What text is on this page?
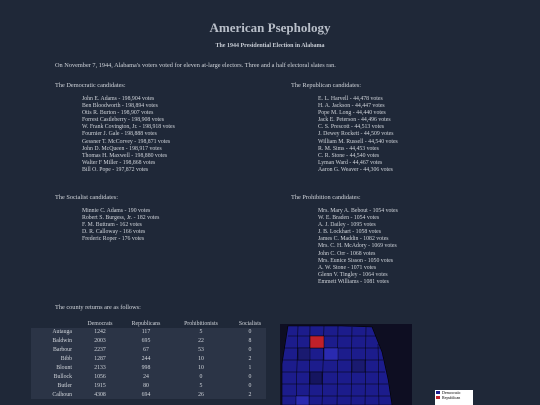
American Psephology
The 1944 Presidential Election in Alabama
On November 7, 1944, Alabama's voters voted for eleven at-large electors. Three and a half electoral slates ran.
The Democratic candidates:
John E. Adams - 198,904 votes
Ben Bloodworth - 198,894 votes
Otis R. Burton - 198,907 votes
Forrest Castleberry - 198,908 votes
W. Frank Covington, Jr. - 198,918 votes
Fournier J. Gale - 198,888 votes
Gessner T. McCorvey - 198,871 votes
John D. McQueen - 198,917 votes
Thomas H. Maxwell - 198,880 votes
Walter F Miller - 198,868 votes
Bill O. Pope - 197,872 votes
The Republican candidates:
E. L. Harvell - 44,478 votes
H. A. Jackson - 44,447 votes
Pope M. Long - 44,440 votes
Jack E. Peterson - 44,496 votes
C. S. Prescott - 44,513 votes
J. Dewey Rockett - 44,509 votes
William M. Russell - 44,540 votes
R. M. Sims - 44,453 votes
C. R. Stone - 44,540 votes
Lyman Ward - 44,467 votes
Aaron G. Weaver - 44,306 votes
The Socialist candidates:
Minnie C. Adams - 190 votes
Robert S. Burgess, Jr. - 182 votes
F. M. Buttram - 162 votes
D. R. Calloway - 166 votes
Frederic Roper - 176 votes
The Prohibition candidates:
Mrs. Mary A. Bebout - 1054 votes
W. E. Braden - 1054 votes
A. J. Dailey - 1095 votes
J. B. Lockhart - 1058 votes
James C. Maddin - 1082 votes
Mrs. C. H. McAdory - 1069 votes
John C. Orr - 1068 votes
Mrs. Eunice Sisson - 1050 votes
A. W. Stone - 1071 votes
Glenn V. Tingley - 1064 votes
Emmett Williams - 1081 votes
The county returns are as follows:
	Democrats	Republicans	Prohibitionists	Socialists
Autauga	1242	117	5	0
Baldwin	2003	695	22	8
Barbour	2237	67	53	0
Bibb	1287	244	10	2
Blount	2133	998	10	1
Bullock	1056	24	0	0
Butler	1915	80	5	0
Calhoun	4308	694	26	2	Democratic
Republican
